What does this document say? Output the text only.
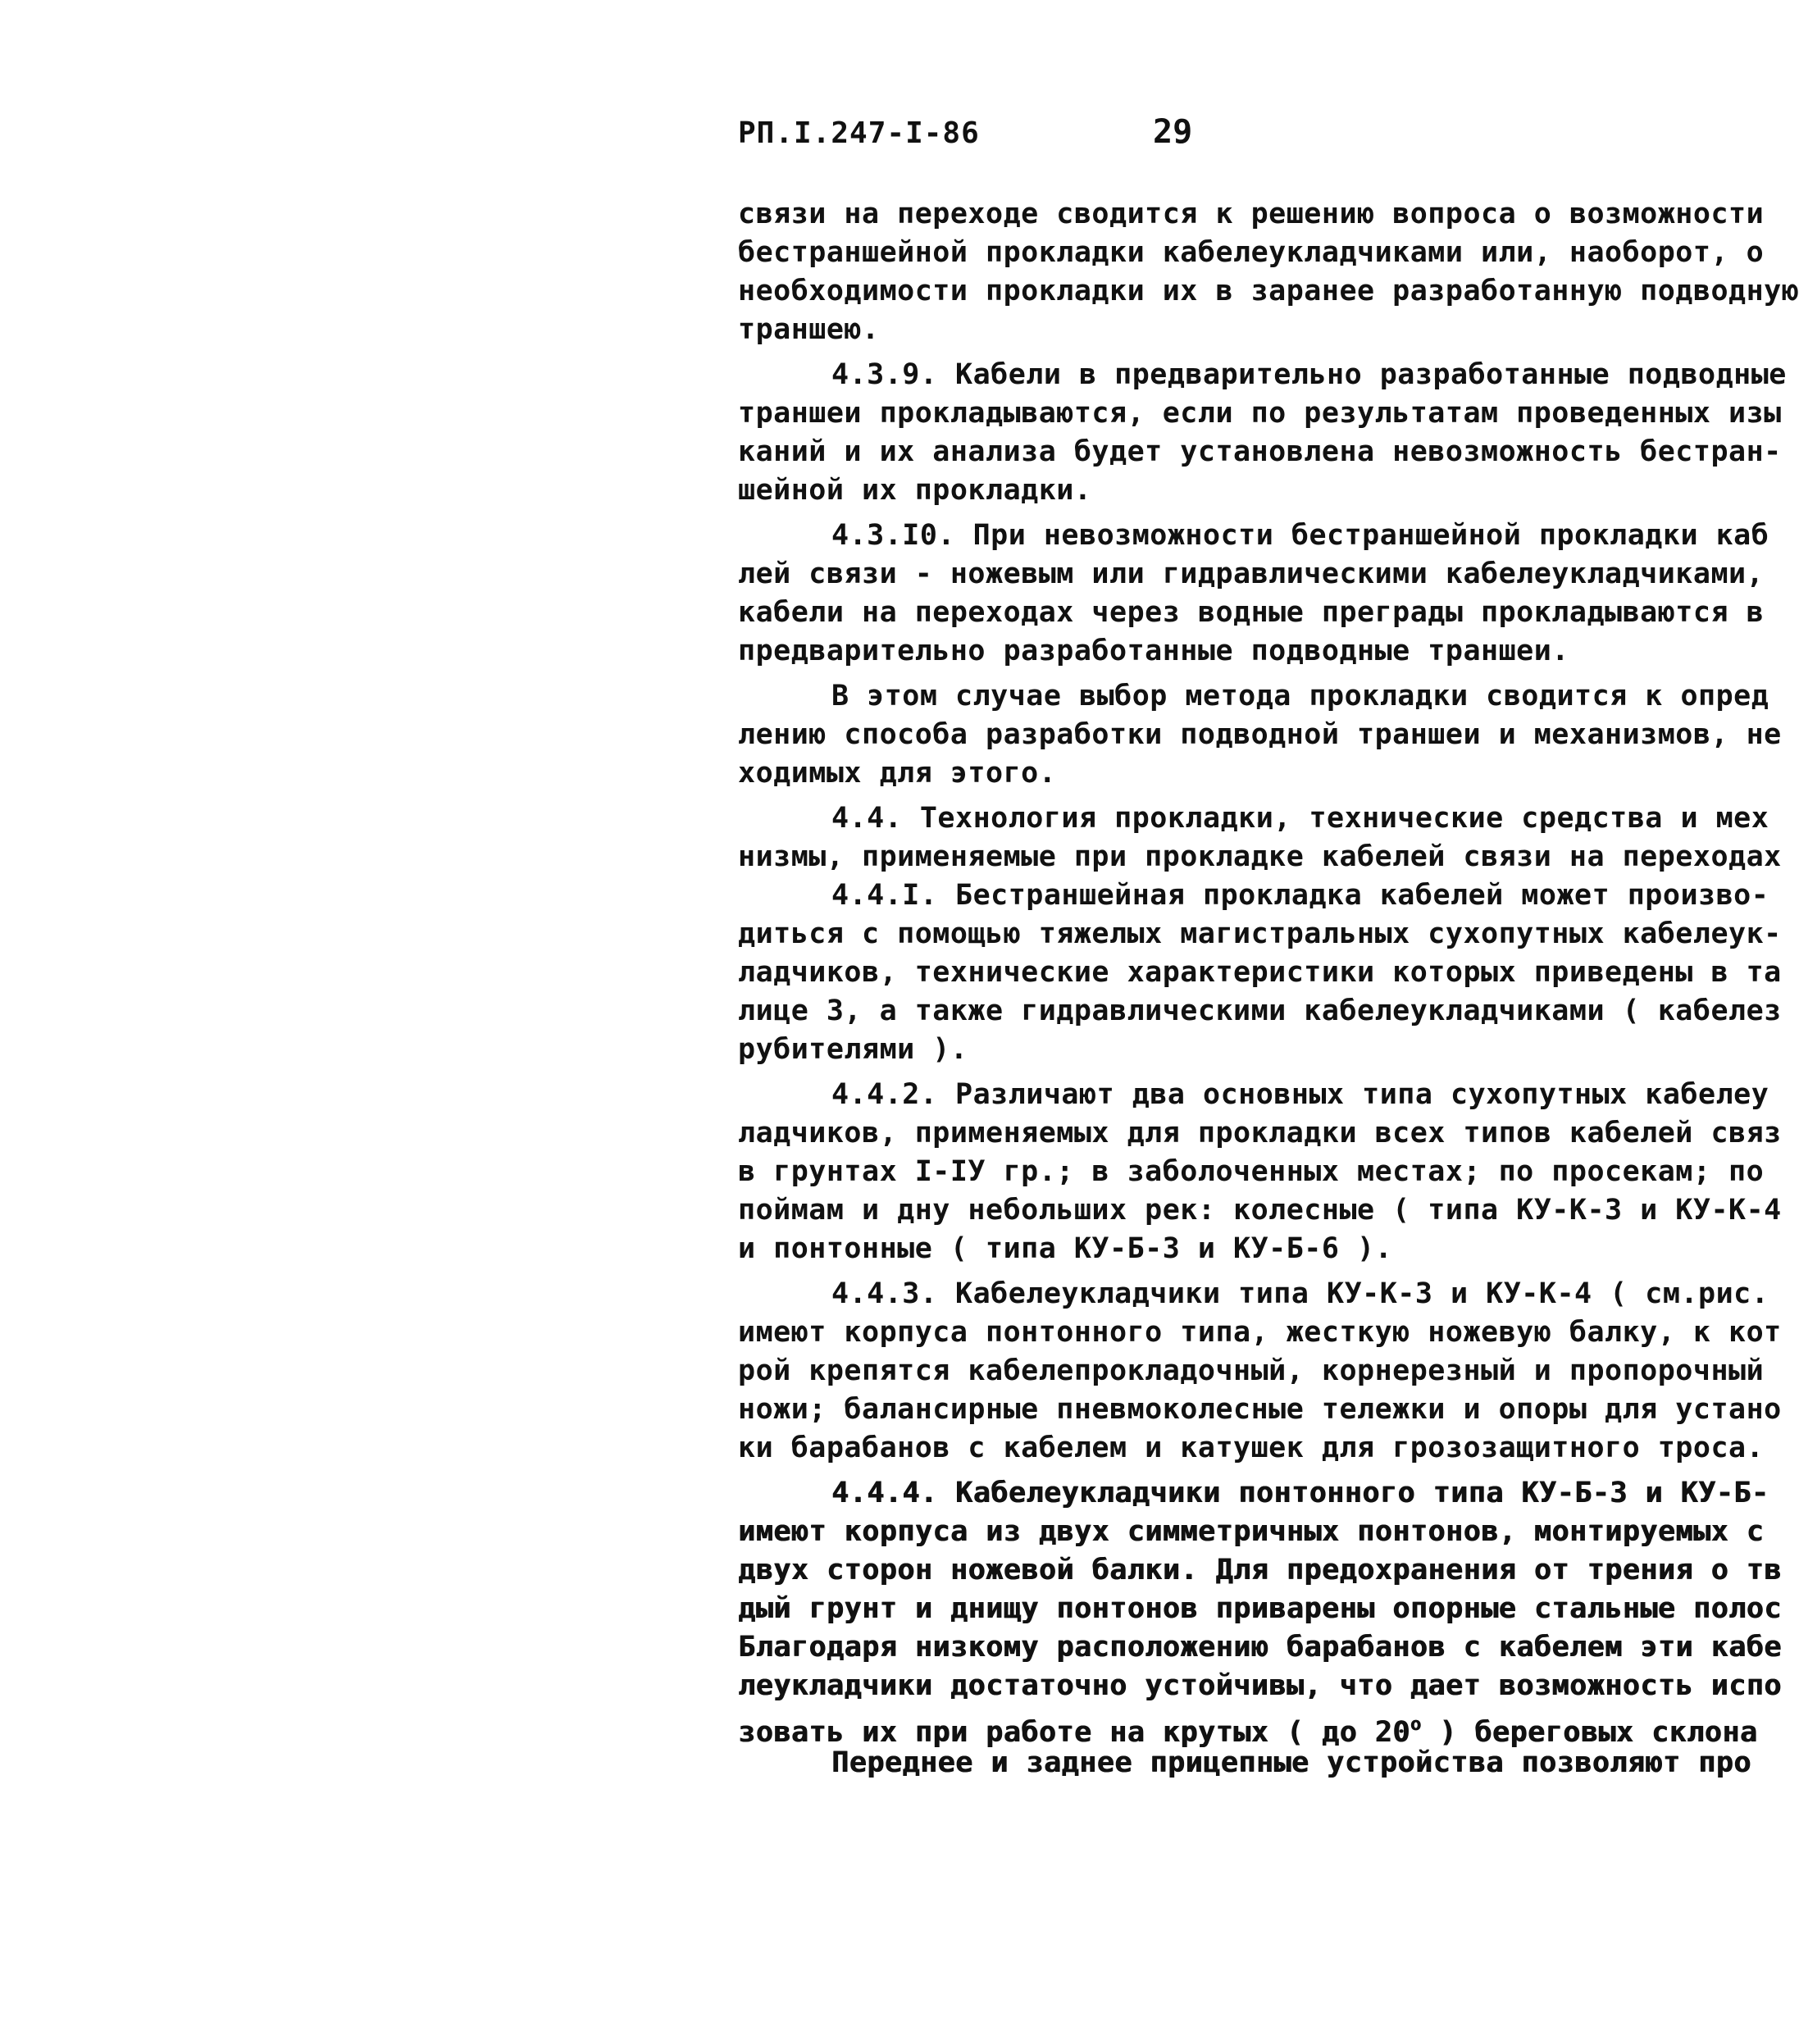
РП.I.247-I-86	29
связи на переходе сводится к решению вопроса о возможности
бестраншейной прокладки кабелеукладчиками или, наоборот, о
необходимости прокладки их в заранее разработанную подводную
траншею.
4.3.9. Кабели в предварительно разработанные подводные
траншеи прокладываются, если по результатам проведенных изы
каний и их анализа будет установлена невозможность бестран-
шейной их прокладки.
4.3.I0. При невозможности бестраншейной прокладки каб
лей связи - ножевым или гидравлическими кабелеукладчиками,
кабели на переходах через водные преграды прокладываются в
предварительно разработанные подводные траншеи.
В этом случае выбор метода прокладки сводится к опред
лению способа разработки подводной траншеи и механизмов, не
ходимых для этого.
4.4. Технология прокладки, технические средства и мех
низмы, применяемые при прокладке кабелей связи на переходах
4.4.I. Бестраншейная прокладка кабелей может произво-
диться с помощью тяжелых магистральных сухопутных кабелеук-
ладчиков, технические характеристики которых приведены в та
лице 3, а также гидравлическими кабелеукладчиками ( кабелез
рубителями ).
4.4.2. Различают два основных типа сухопутных кабелеу
ладчиков, применяемых для прокладки всех типов кабелей связ
в грунтах I-IУ гр.; в заболоченных местах; по просекам; по
поймам и дну небольших рек: колесные ( типа КУ-К-3 и КУ-К-4
и понтонные ( типа КУ-Б-3 и КУ-Б-6 ).
4.4.3. Кабелеукладчики типа КУ-К-3 и КУ-К-4 ( см.рис.
имеют корпуса понтонного типа, жесткую ножевую балку, к кот
рой крепятся кабелепрокладочный, корнерезный и пропорочный
ножи; балансирные пневмоколесные тележки и опоры для устано
ки барабанов с кабелем и катушек для грозозащитного троса.
4.4.4. Кабелеукладчики понтонного типа КУ-Б-3 и КУ-Б-
имеют корпуса из двух симметричных понтонов, монтируемых с
двух сторон ножевой балки. Для предохранения от трения о тв
дый грунт и днищу понтонов приварены опорные стальные полос
Благодаря низкому расположению барабанов с кабелем эти кабе
леукладчики достаточно устойчивы, что дает возможность испо
зовать их при работе на крутых ( до $20^о$ ) береговых склона
Переднее и заднее прицепные устройства позволяют про
